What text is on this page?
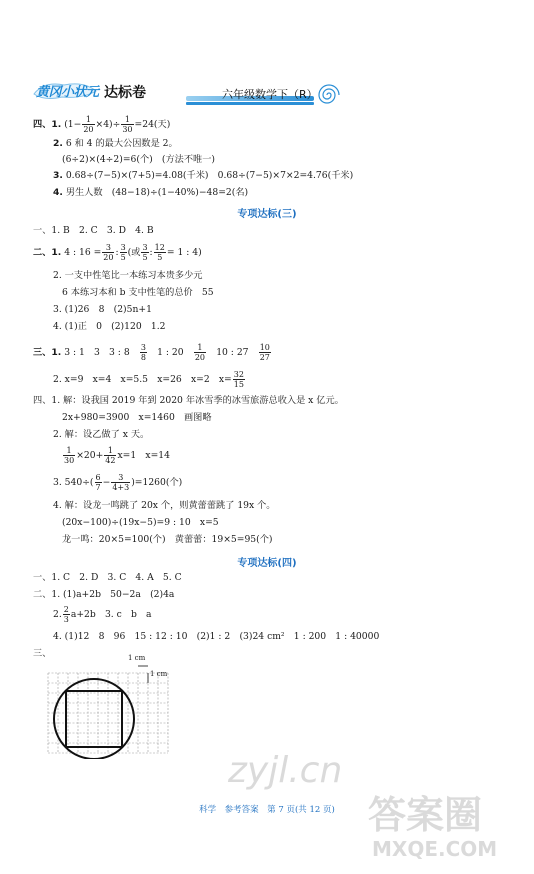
黄冈小状元 达标卷	六年级数学下（R）
四、1. $(1- \frac{1}{20} \times 4)\div \frac{1}{30} =24$(天)
2. 6 和 4 的最大公因数是 2。
(6÷2)×(4÷2)=6(个)　(方法不唯一)
3. 0.68÷(7−5)×(7+5)=4.08(千米)　0.68÷(7−5)×7×2=4.76(千米)
4. 男生人数　(48−18)÷(1−40%)−48=2(名)
专项达标(三)
一、1. B　2. C　3. D　4. B
二、1. 4 : $16 = \frac{3}{20}$ : $\frac{3}{5}$ (或 $\frac{3}{5}$ : $\frac{12}{5} = 1$ : 4)
2. 一支中性笔比一本练习本贵多少元
6 本练习本和 b 支中性笔的总价　55
3. (1)26　8　(2)5n+1
4. (1)正　0　(2)120　1.2
三、1. 3 : 1　3　3 : 8　 $\frac{3}{8}$
　 1 : 20　 $\frac{1}{20}$
　 10 : 27　 $\frac{10}{27}$
2. x=9　x=4　x=5.5　x=26　x=2　$x= \frac{32}{15}$
四、1. 解：设我国 2019 年到 2020 年冰雪季的冰雪旅游总收入是 x 亿元。
2x+980=3900　x=1460　画图略
2. 解：设乙做了 x 天。
$\frac{1}{30} \times 20+ \frac{1}{42} x=1$　x=14
3. $540\div( \frac{6}{7} - \frac{3}{4+3} )=1260$(个)
4. 解：设龙一鸣跳了 20x 个，则黄蕾蕾跳了 19x 个。
(20x−100)÷(19x−5)=9 : 10　x=5
龙一鸣：20×5=100(个)　黄蕾蕾：19×5=95(个)
专项达标(四)
一、1. C　2. D　3. C　4. A　5. C
二、1. (1)a+2b　50−2a　(2)4a
2. $\frac{2}{3} a+2b$　3. c　b　a
4. (1)12　8　96　15 : 12 : 10　(2)1 : 2　(3)24 cm²　1 : 200　1 : 40000
三、	1 cm
1 cm
科学　参考答案　第 7 页(共 12 页)
zyjl.cn
答案圈
MXQE.COM
